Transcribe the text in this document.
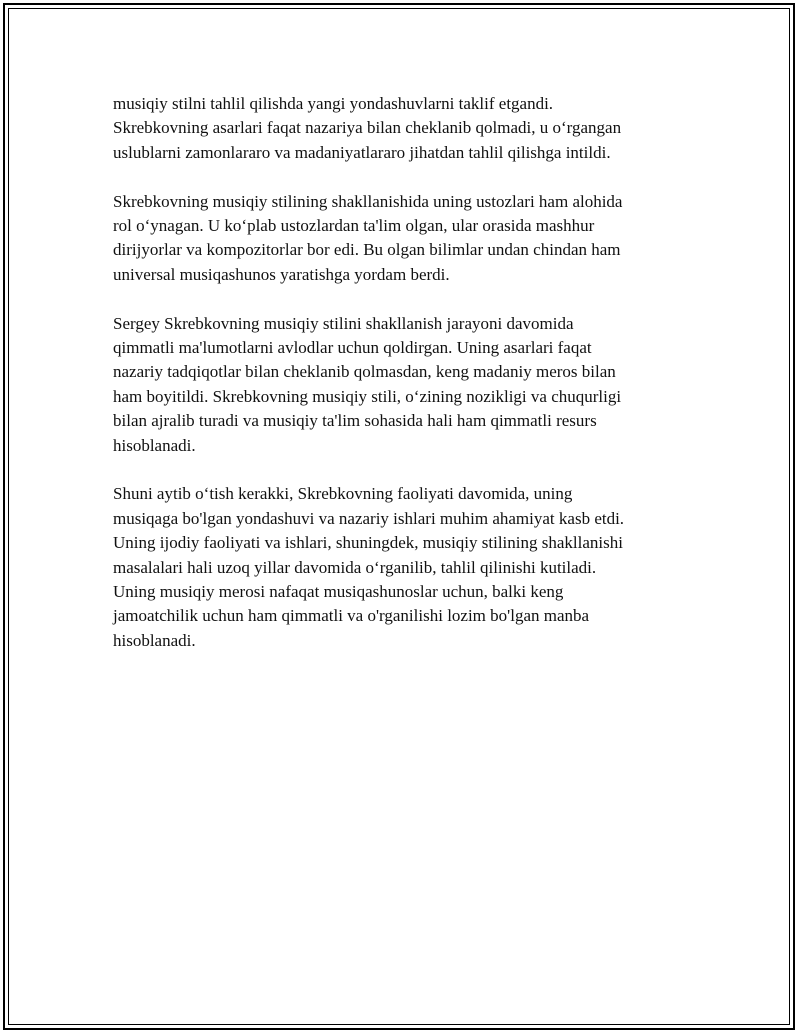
musiqiy stilni tahlil qilishda yangi yondashuvlarni taklif etgandi.
Skrebkovning asarlari faqat nazariya bilan cheklanib qolmadi, u o‘rgangan
uslublarni zamonlararo va madaniyatlararo jihatdan tahlil qilishga intildi.

Skrebkovning musiqiy stilining shakllanishida uning ustozlari ham alohida
rol o‘ynagan. U ko‘plab ustozlardan ta'lim olgan, ular orasida mashhur
dirijyorlar va kompozitorlar bor edi. Bu olgan bilimlar undan chindan ham
universal musiqashunos yaratishga yordam berdi.

Sergey Skrebkovning musiqiy stilini shakllanish jarayoni davomida
qimmatli ma'lumotlarni avlodlar uchun qoldirgan. Uning asarlari faqat
nazariy tadqiqotlar bilan cheklanib qolmasdan, keng madaniy meros bilan
ham boyitildi. Skrebkovning musiqiy stili, o‘zining nozikligi va chuqurligi
bilan ajralib turadi va musiqiy ta'lim sohasida hali ham qimmatli resurs
hisoblanadi.

Shuni aytib o‘tish kerakki, Skrebkovning faoliyati davomida, uning
musiqaga bo'lgan yondashuvi va nazariy ishlari muhim ahamiyat kasb etdi.
Uning ijodiy faoliyati va ishlari, shuningdek, musiqiy stilining shakllanishi
masalalari hali uzoq yillar davomida o‘rganilib, tahlil qilinishi kutiladi.
Uning musiqiy merosi nafaqat musiqashunoslar uchun, balki keng
jamoatchilik uchun ham qimmatli va o'rganilishi lozim bo'lgan manba
hisoblanadi.
